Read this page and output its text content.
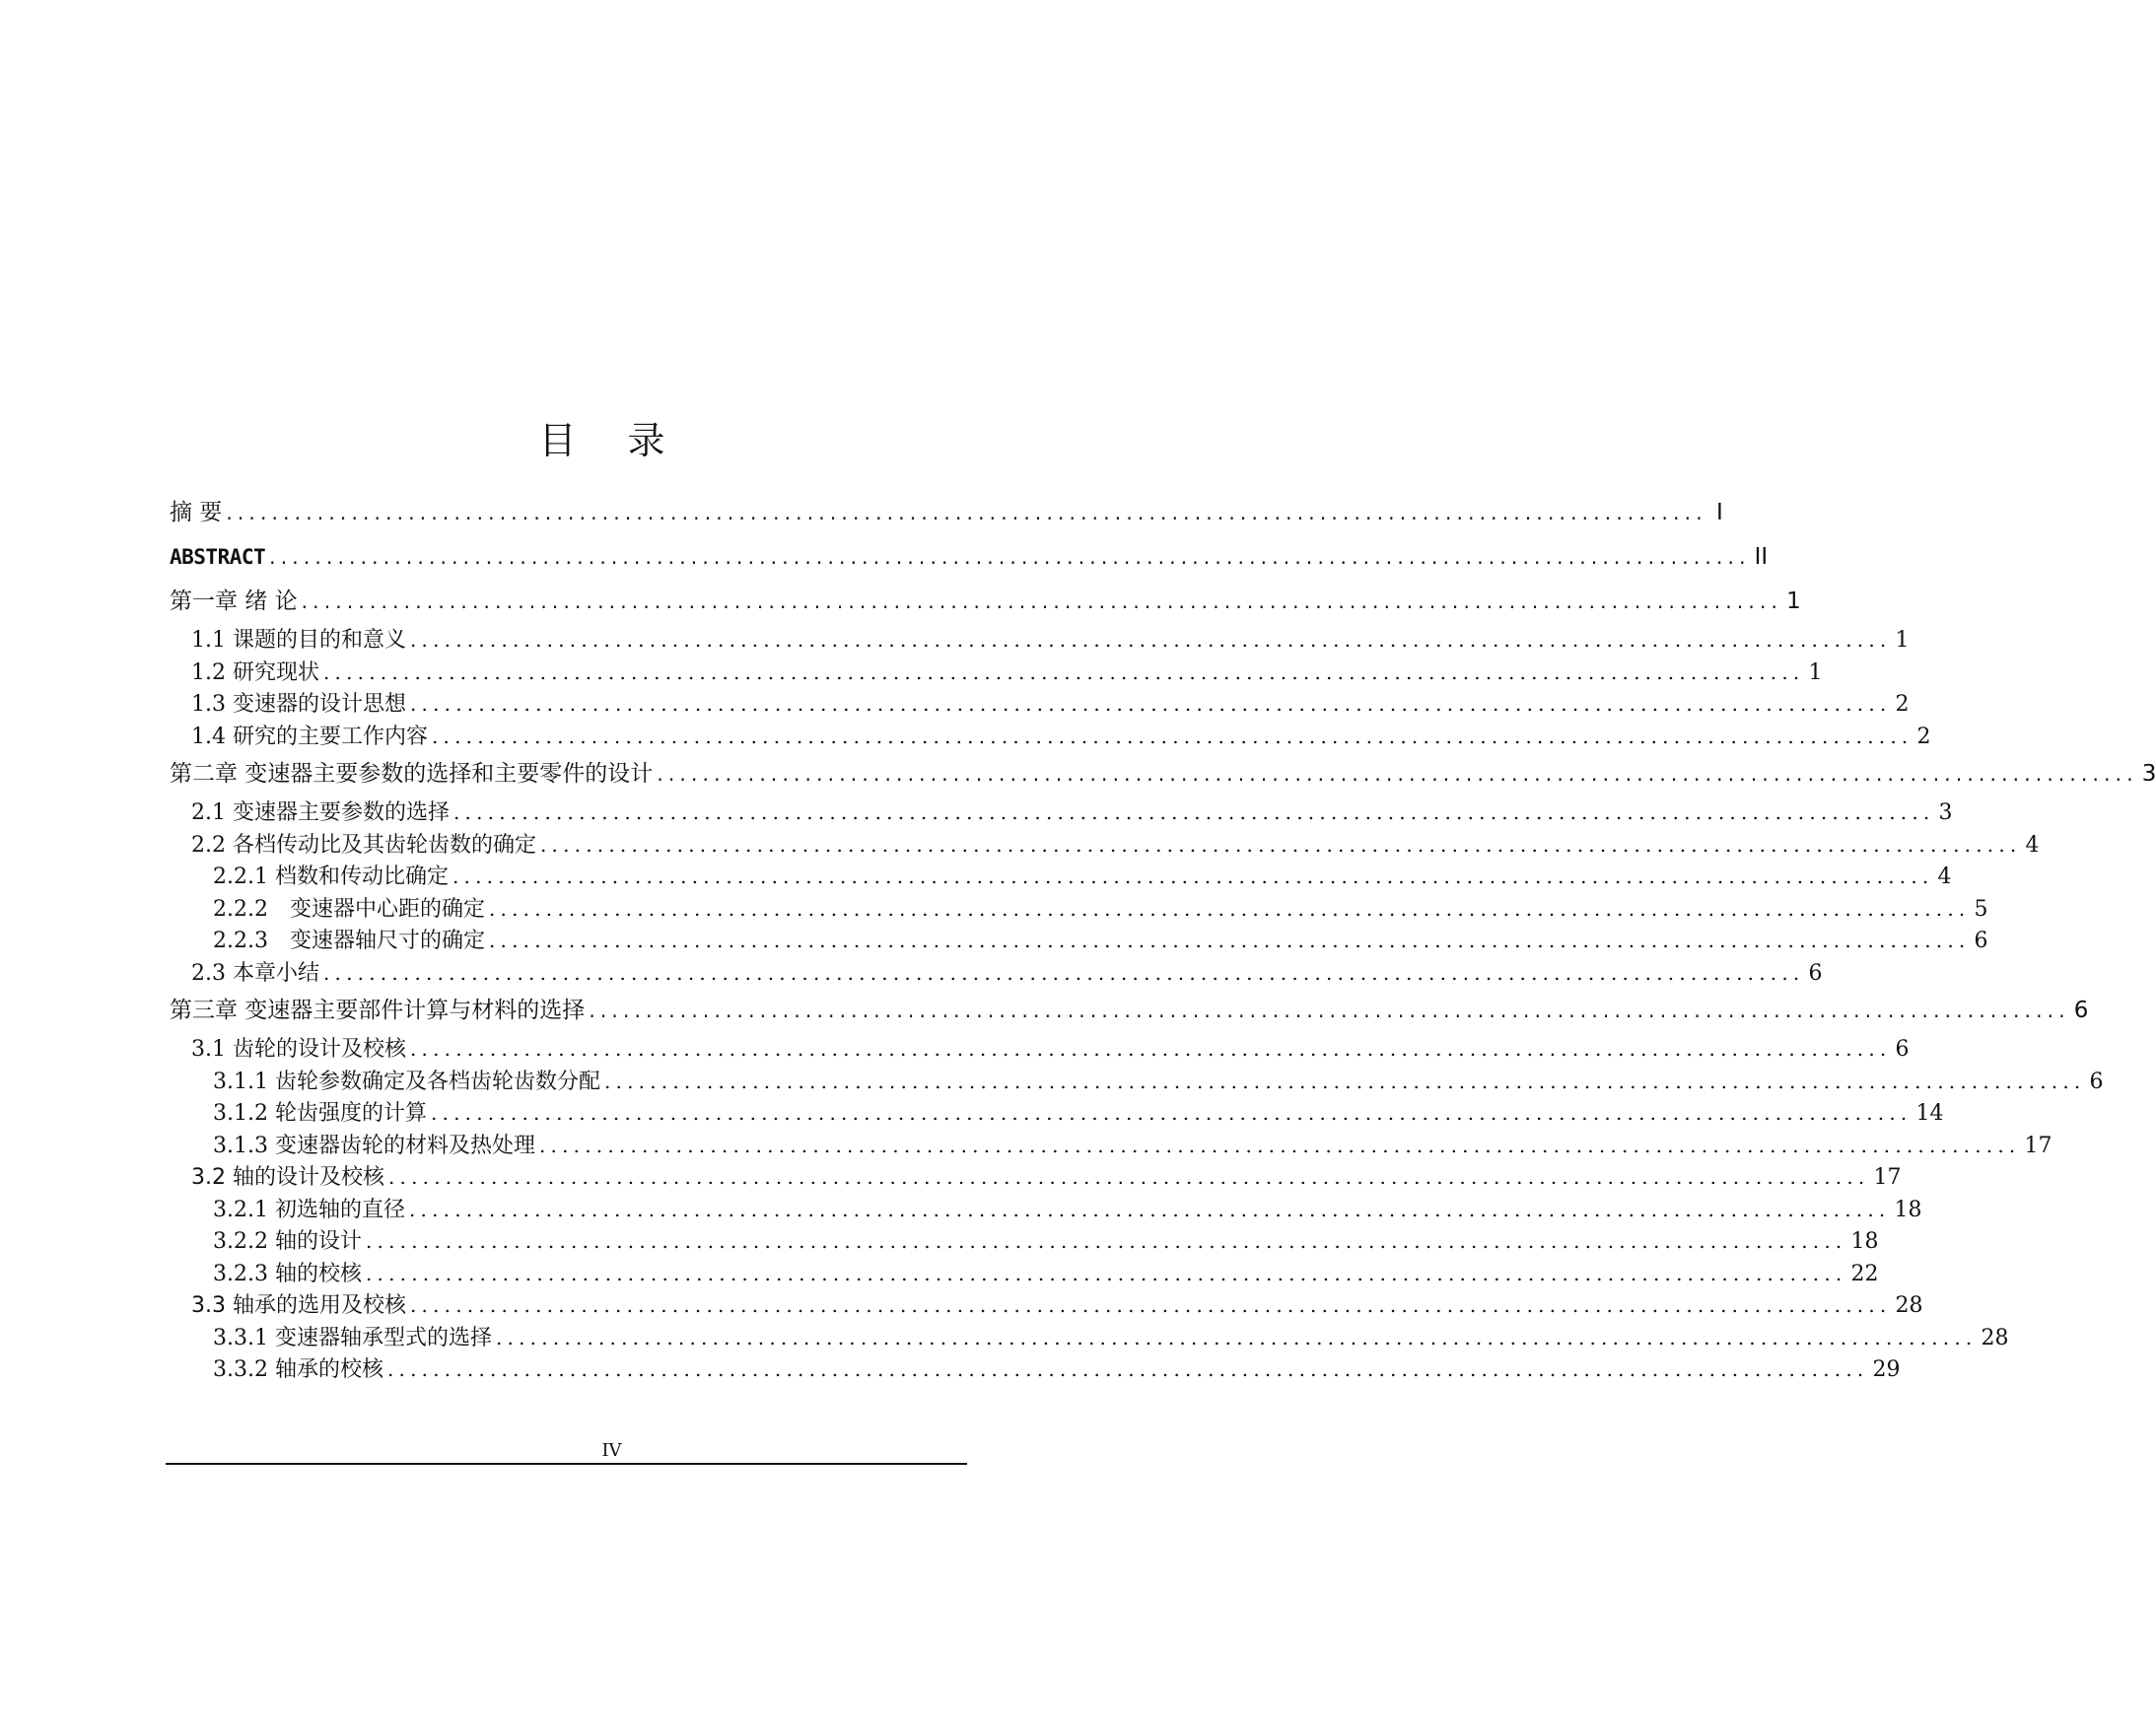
目 录
摘 要 .................................................................................................................................. I
ABSTRACT .................................................................................................................................. II
第一章 绪 论 .................................................................................................................................. 1
1.1 课题的目的和意义 .................................................................................................................................. 1
1.2 研究现状 .................................................................................................................................. 1
1.3 变速器的设计思想 .................................................................................................................................. 2
1.4 研究的主要工作内容 .................................................................................................................................. 2
第二章 变速器主要参数的选择和主要零件的设计 .................................................................................................................................. 3
2.1 变速器主要参数的选择 .................................................................................................................................. 3
2.2 各档传动比及其齿轮齿数的确定 .................................................................................................................................. 4
2.2.1 档数和传动比确定 .................................................................................................................................. 4
2.2.2　变速器中心距的确定 .................................................................................................................................. 5
2.2.3　变速器轴尺寸的确定 .................................................................................................................................. 6
2.3 本章小结 .................................................................................................................................. 6
第三章 变速器主要部件计算与材料的选择 .................................................................................................................................. 6
3.1 齿轮的设计及校核 .................................................................................................................................. 6
3.1.1 齿轮参数确定及各档齿轮齿数分配 .................................................................................................................................. 6
3.1.2 轮齿强度的计算 .................................................................................................................................. 14
3.1.3 变速器齿轮的材料及热处理 .................................................................................................................................. 17
3.2 轴的设计及校核 .................................................................................................................................. 17
3.2.1 初选轴的直径 .................................................................................................................................. 18
3.2.2 轴的设计 .................................................................................................................................. 18
3.2.3 轴的校核 .................................................................................................................................. 22
3.3 轴承的选用及校核 .................................................................................................................................. 28
3.3.1 变速器轴承型式的选择 .................................................................................................................................. 28
3.3.2 轴承的校核 .................................................................................................................................. 29
IV
